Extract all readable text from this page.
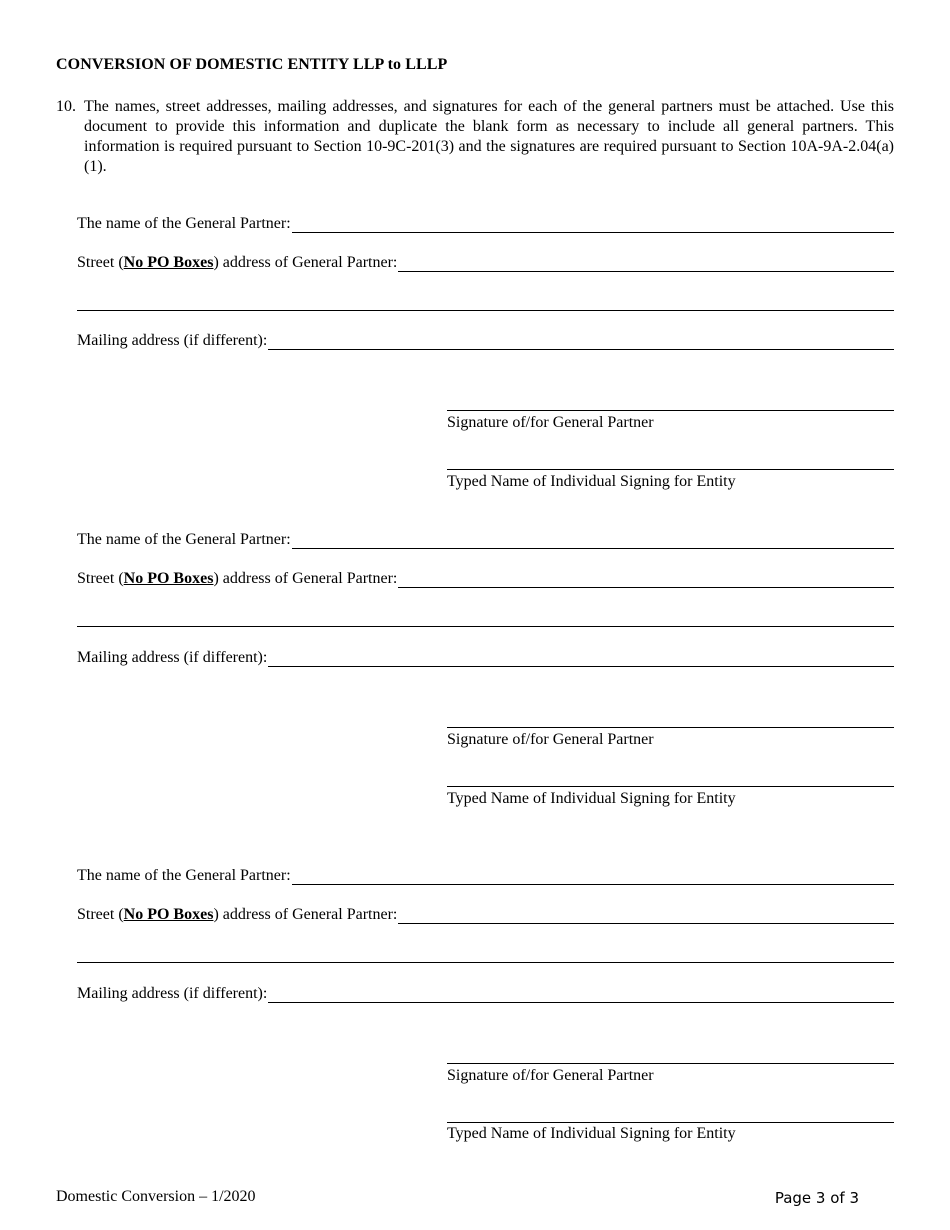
CONVERSION OF DOMESTIC ENTITY LLP to LLLP
10. The names, street addresses, mailing addresses, and signatures for each of the general partners must be attached. Use this document to provide this information and duplicate the blank form as necessary to include all general partners. This information is required pursuant to Section 10-9C-201(3) and the signatures are required pursuant to Section 10A-9A-2.04(a)(1).
The name of the General Partner:
Street (No PO Boxes) address of General Partner:
Mailing address (if different):
Signature of/for General Partner
Typed Name of Individual Signing for Entity
The name of the General Partner:
Street (No PO Boxes) address of General Partner:
Mailing address (if different):
Signature of/for General Partner
Typed Name of Individual Signing for Entity
The name of the General Partner:
Street (No PO Boxes) address of General Partner:
Mailing address (if different):
Signature of/for General Partner
Typed Name of Individual Signing for Entity
Domestic Conversion – 1/2020	Page 3 of 3
